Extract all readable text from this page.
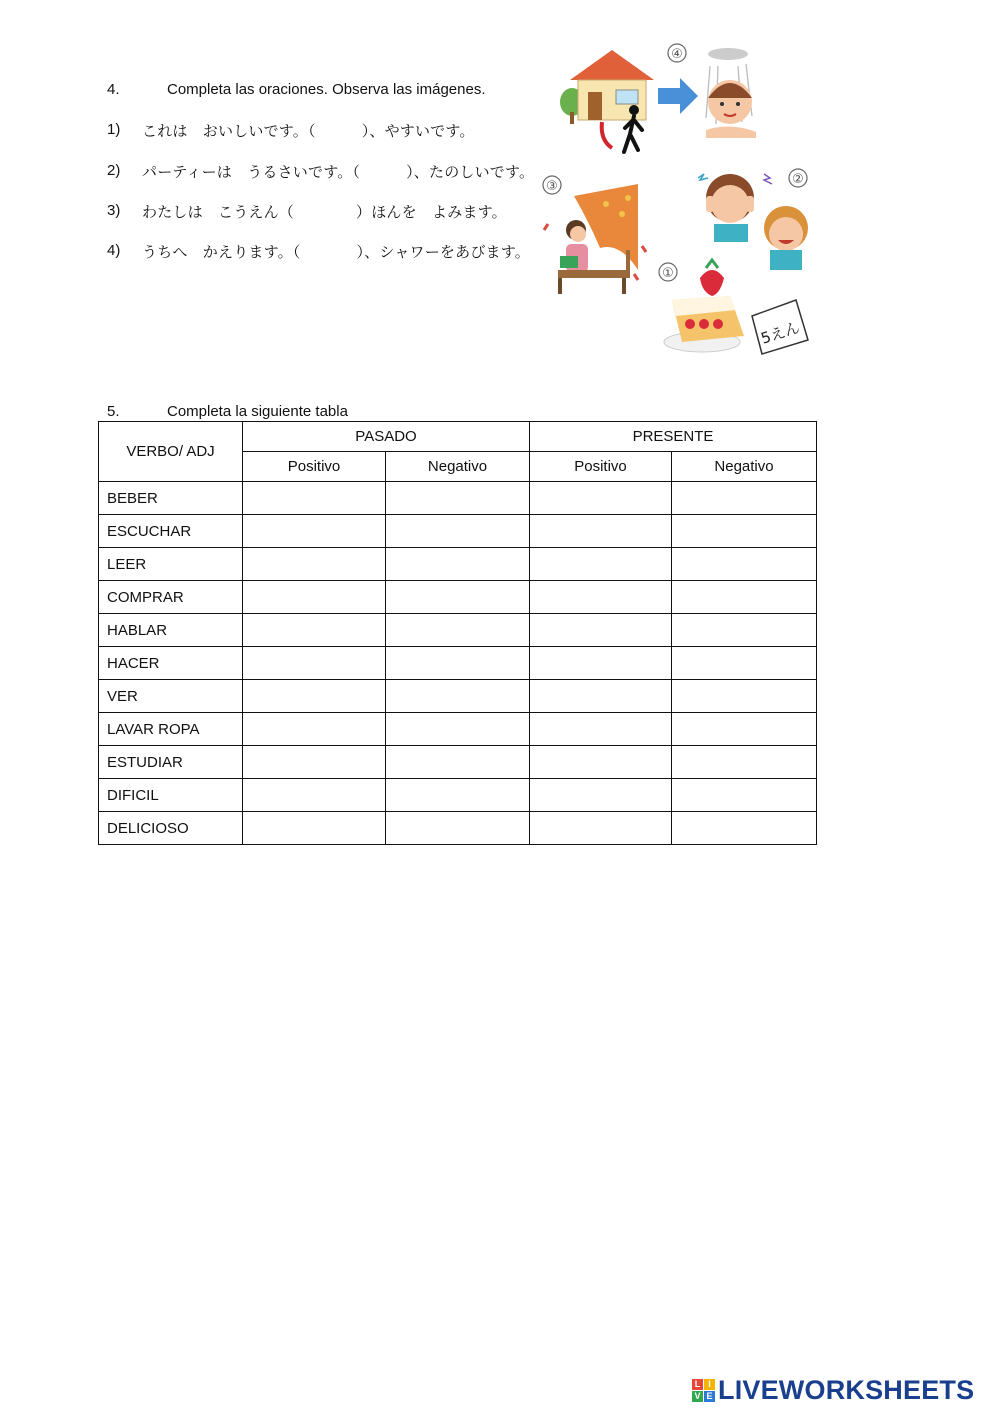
4.	Completa las oraciones. Observa las imágenes.
1) これは　おいしいです。（	）、やすいです。
2) パーティーは　うるさいです。（	）、たのしいです。
3) わたしは　こうえん（	）ほんを　よみます。
4) うちへ　かえります。（	）、シャワーをあびます。
④
③	②
①
5えん
5.	Completa la siguiente tabla
VERBO/ ADJ	PASADO		PRESENTE	
	Positivo	Negativo	Positivo	Negativo
BEBER				
ESCUCHAR				
LEER				
COMPRAR				
HABLAR				
HACER				
VER				
LAVAR ROPA				
ESTUDIAR				
DIFICIL				
DELICIOSO				
L I
V E LIVEWORKSHEETS
